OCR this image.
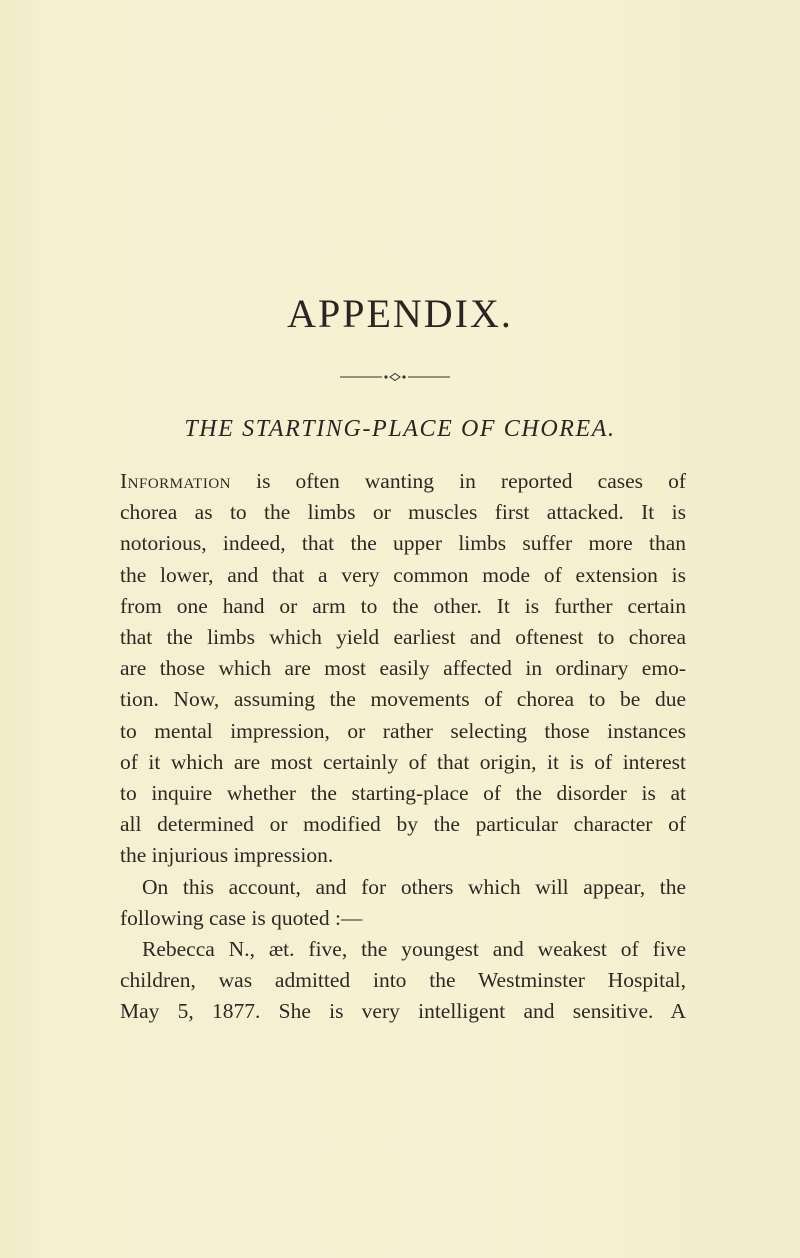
APPENDIX.
THE STARTING-PLACE OF CHOREA.
Information is often wanting in reported cases of
chorea as to the limbs or muscles first attacked. It is
notorious, indeed, that the upper limbs suffer more than
the lower, and that a very common mode of extension is
from one hand or arm to the other. It is further certain
that the limbs which yield earliest and oftenest to chorea
are those which are most easily affected in ordinary emo-
tion. Now, assuming the movements of chorea to be due
to mental impression, or rather selecting those instances
of it which are most certainly of that origin, it is of interest
to inquire whether the starting-place of the disorder is at
all determined or modified by the particular character of
the injurious impression.
On this account, and for others which will appear, the
following case is quoted :—
Rebecca N., æt. five, the youngest and weakest of five
children, was admitted into the Westminster Hospital,
May 5, 1877. She is very intelligent and sensitive. A
